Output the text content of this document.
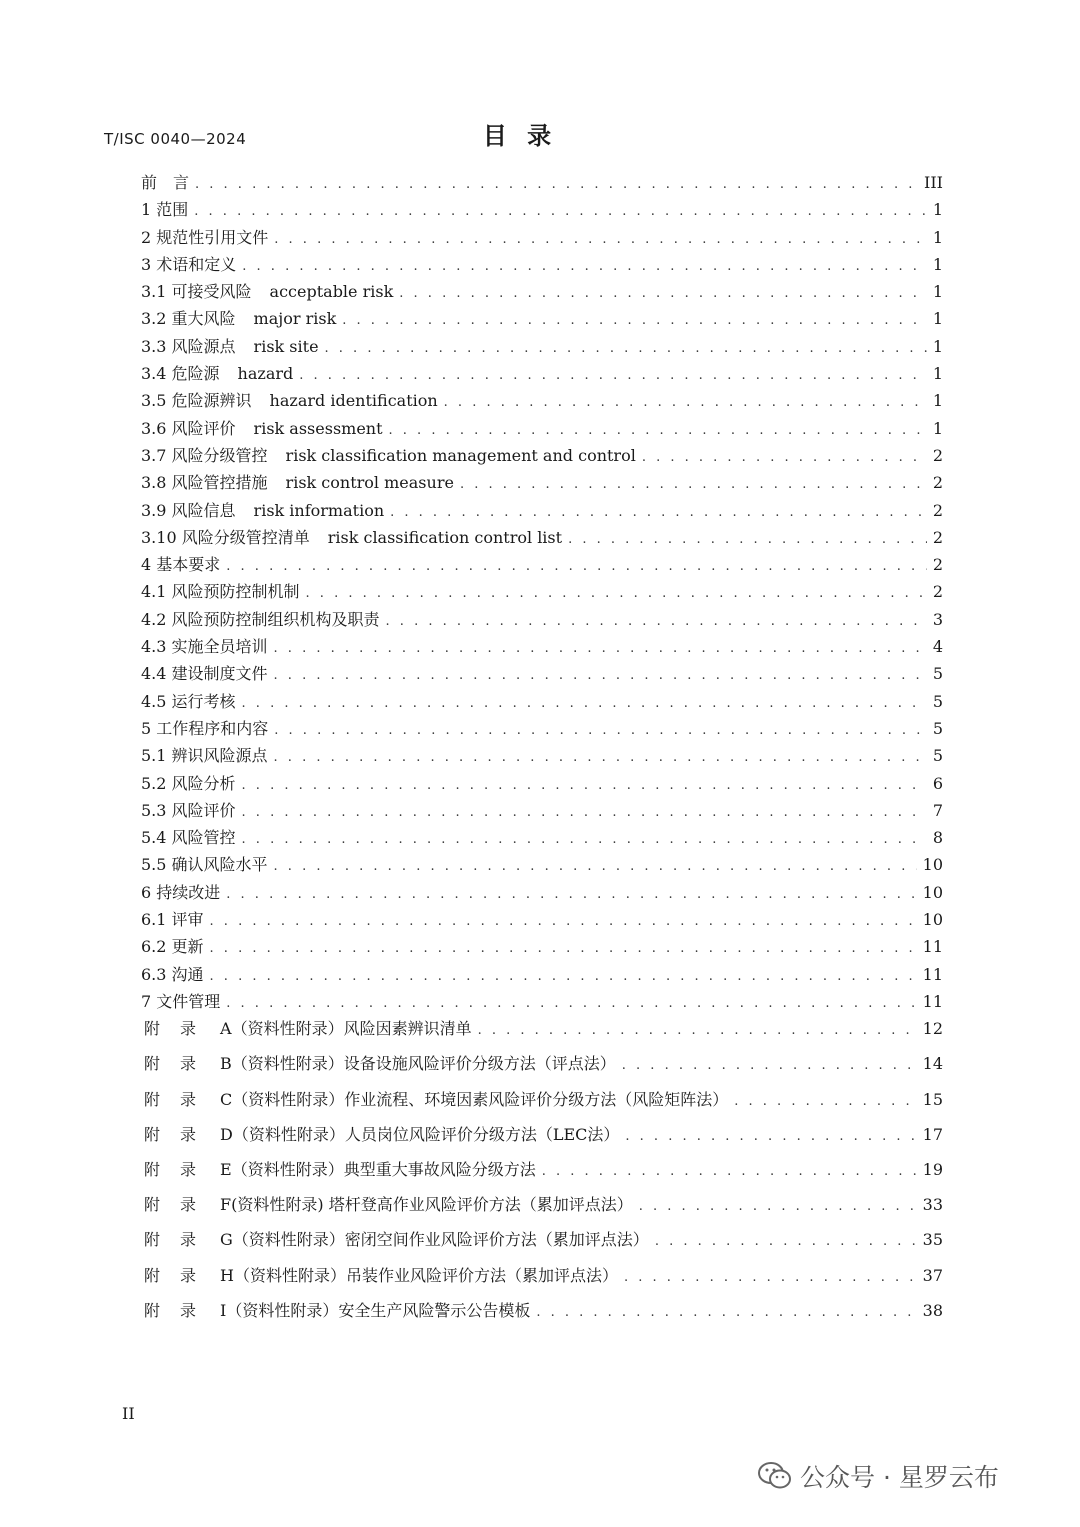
T/ISC 0040—2024	目 录
前　言 . . .	III
1 范围 . . .	1
2 规范性引用文件 . . .	1
3 术语和定义 . . .	1
3.1 可接受风险 acceptable risk . . .	1
3.2 重大风险 major risk . . .	1
3.3 风险源点 risk site . . .	1
3.4 危险源 hazard . . .	1
3.5 危险源辨识 hazard identification . . .	1
3.6 风险评价 risk assessment . . .	1
3.7 风险分级管控 risk classification management and control . . .	2
3.8 风险管控措施 risk control measure . . .	2
3.9 风险信息 risk information . . .	2
3.10 风险分级管控清单 risk classification control list . . .	2
4 基本要求 . . .	2
4.1 风险预防控制机制 . . .	2
4.2 风险预防控制组织机构及职责 . . .	3
4.3 实施全员培训 . . .	4
4.4 建设制度文件 . . .	5
4.5 运行考核 . . .	5
5 工作程序和内容 . . .	5
5.1 辨识风险源点 . . .	5
5.2 风险分析 . . .	6
5.3 风险评价 . . .	7
5.4 风险管控 . . .	8
5.5 确认风险水平 . . .	10
6 持续改进 . . .	10
6.1 评审 . . .	10
6.2 更新 . . .	11
6.3 沟通 . . .	11
7 文件管理 . . .	11
附录 A（资料性附录）风险因素辨识清单 . . .	12
附录 B（资料性附录）设备设施风险评价分级方法（评点法） . . .	14
附录 C（资料性附录）作业流程、环境因素风险评价分级方法（风险矩阵法） . . .	15
附录 D（资料性附录）人员岗位风险评价分级方法（LEC法） . . .	17
附录 E（资料性附录）典型重大事故风险分级方法 . . .	19
附录 F(资料性附录) 塔杆登高作业风险评价方法（累加评点法） . . .	33
附录 G（资料性附录）密闭空间作业风险评价方法（累加评点法） . . .	35
附录 H（资料性附录）吊装作业风险评价方法（累加评点法） . . .	37
附录 I（资料性附录）安全生产风险警示公告模板 . . .	38
II
公众号 · 星罗云布
